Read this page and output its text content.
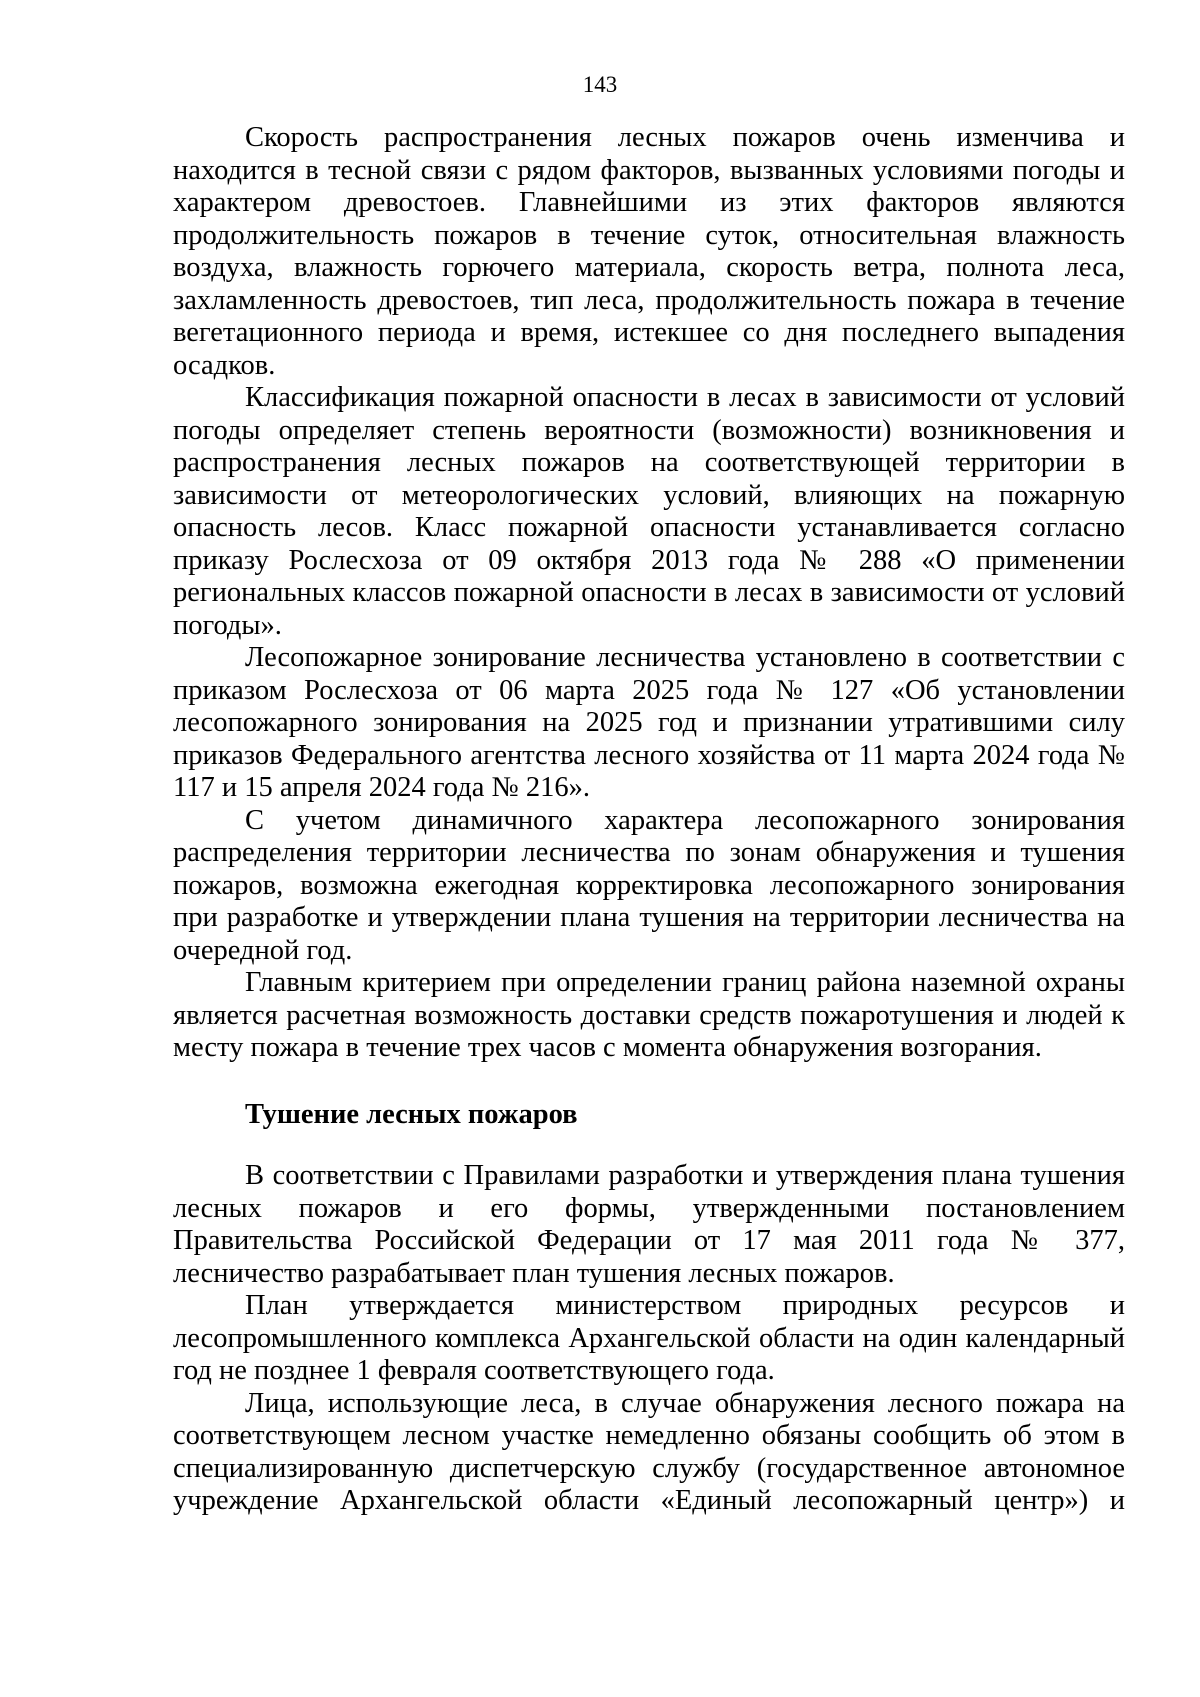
143

Скорость распространения лесных пожаров очень изменчива и находится в тесной связи с рядом факторов, вызванных условиями погоды и характером древостоев. Главнейшими из этих факторов являются продолжительность пожаров в течение суток, относительная влажность воздуха, влажность горючего материала, скорость ветра, полнота леса, захламленность древостоев, тип леса, продолжительность пожара в течение вегетационного периода и время, истекшее со дня последнего выпадения осадков.

Классификация пожарной опасности в лесах в зависимости от условий погоды определяет степень вероятности (возможности) возникновения и распространения лесных пожаров на соответствующей территории в зависимости от метеорологических условий, влияющих на пожарную опасность лесов. Класс пожарной опасности устанавливается согласно приказу Рослесхоза от 09 октября 2013 года № 288 «О применении региональных классов пожарной опасности в лесах в зависимости от условий погоды».

Лесопожарное зонирование лесничества установлено в соответствии с приказом Рослесхоза от 06 марта 2025 года № 127 «Об установлении лесопожарного зонирования на 2025 год и признании утратившими силу приказов Федерального агентства лесного хозяйства от 11 марта 2024 года № 117 и 15 апреля 2024 года № 216».

С учетом динамичного характера лесопожарного зонирования распределения территории лесничества по зонам обнаружения и тушения пожаров, возможна ежегодная корректировка лесопожарного зонирования при разработке и утверждении плана тушения на территории лесничества на очередной год.

Главным критерием при определении границ района наземной охраны является расчетная возможность доставки средств пожаротушения и людей к месту пожара в течение трех часов с момента обнаружения возгорания.

Тушение лесных пожаров

В соответствии с Правилами разработки и утверждения плана тушения лесных пожаров и его формы, утвержденными постановлением Правительства Российской Федерации от 17 мая 2011 года № 377, лесничество разрабатывает план тушения лесных пожаров.

План утверждается министерством природных ресурсов и лесопромышленного комплекса Архангельской области на один календарный год не позднее 1 февраля соответствующего года.

Лица, использующие леса, в случае обнаружения лесного пожара на соответствующем лесном участке немедленно обязаны сообщить об этом в специализированную диспетчерскую службу (государственное автономное учреждение Архангельской области «Единый лесопожарный центр») и
